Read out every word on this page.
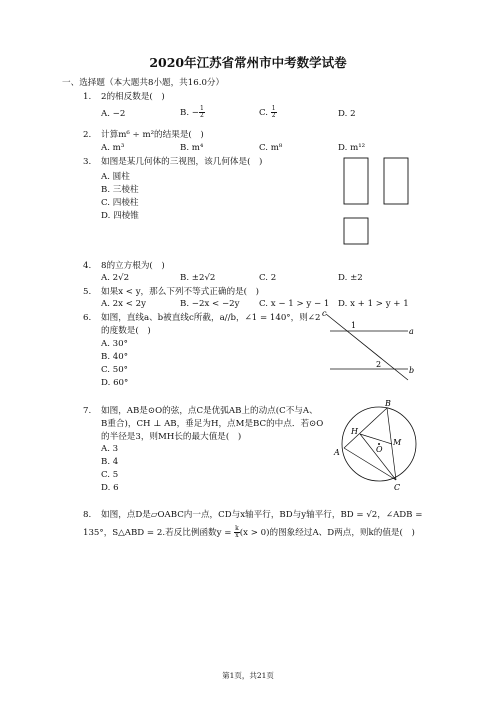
2020年江苏省常州市中考数学试卷
一、选择题（本大题共8小题，共16.0分）
1. 2的相反数是(　)
A. −2	B. − $\frac{1}{2}$	C. $\frac{1}{2}$	D. 2
2. 计算m⁶ ÷ m²的结果是(　)
A. m³	B. m⁴	C. m⁸	D. m¹²
3. 如图是某几何体的三视图，该几何体是(　)
A. 圆柱
B. 三棱柱
C. 四棱柱
D. 四棱锥
4. 8的立方根为(　)
A. 2√2	B. ±2√2	C. 2	D. ±2
5. 如果x < y，那么下列不等式正确的是(　)
A. 2x < 2y	B. −2x < −2y C. x − 1 > y − 1 D. x + 1 > y + 1
6. 如图，直线a、b被直线c所截，a//b，∠1 = 140°，则∠2
的度数是(　)
A. 30°
B. 40°
C. 50°
D. 60°
c
a
b
1
2
7. 如图，AB是⊙O的弦，点C是优弧AB上的动点(C不与A、
B重合)，CH ⊥ AB，垂足为H，点M是BC的中点．若⊙O
的半径是3，则MH长的最大值是(　)
A. 3
B. 4
C. 5
D. 6
B
H
M
O
A
C
8. 如图，点D是▱OABC内一点，CD与x轴平行，BD与y轴平行，BD = √2，∠ADB =
135°，S△ABD = 2.若反比例函数$y = \frac{k}{x} (x > 0)$的图象经过A、D两点，则k的值是(　)
第1页，共21页
